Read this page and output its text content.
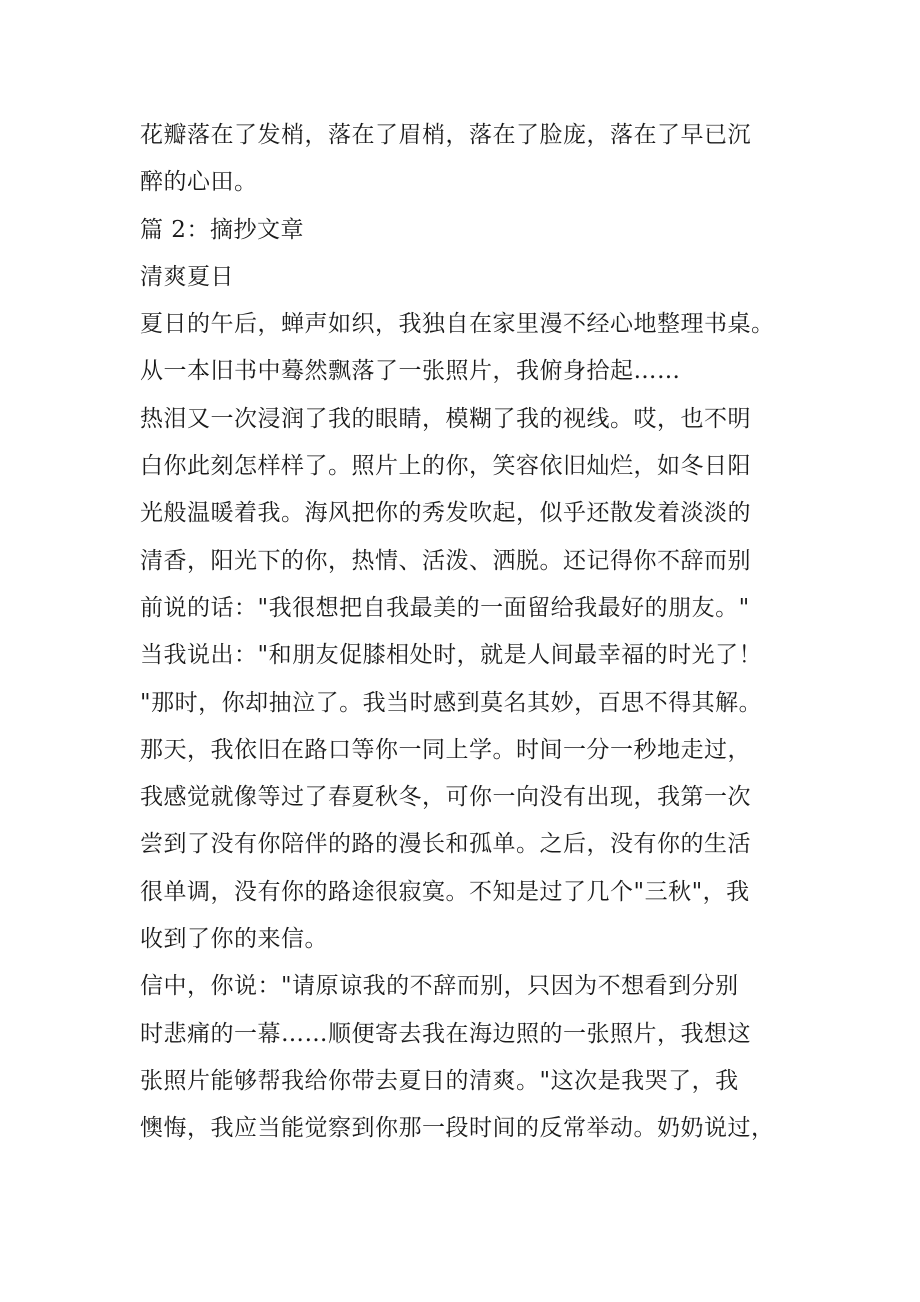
花瓣落在了发梢，落在了眉梢，落在了脸庞，落在了早已沉
醉的心田。
篇 2：摘抄文章
清爽夏日
夏日的午后，蝉声如织，我独自在家里漫不经心地整理书桌。
从一本旧书中蓦然飘落了一张照片，我俯身拾起……
热泪又一次浸润了我的眼睛，模糊了我的视线。哎，也不明
白你此刻怎样样了。照片上的你，笑容依旧灿烂，如冬日阳
光般温暖着我。海风把你的秀发吹起，似乎还散发着淡淡的
清香，阳光下的你，热情、活泼、洒脱。还记得你不辞而别
前说的话："我很想把自我最美的一面留给我最好的朋友。"
当我说出："和朋友促膝相处时，就是人间最幸福的时光了！
"那时，你却抽泣了。我当时感到莫名其妙，百思不得其解。
那天，我依旧在路口等你一同上学。时间一分一秒地走过，
我感觉就像等过了春夏秋冬，可你一向没有出现，我第一次
尝到了没有你陪伴的路的漫长和孤单。之后，没有你的生活
很单调，没有你的路途很寂寞。不知是过了几个"三秋"，我
收到了你的来信。
信中，你说："请原谅我的不辞而别，只因为不想看到分别
时悲痛的一幕……顺便寄去我在海边照的一张照片，我想这
张照片能够帮我给你带去夏日的清爽。"这次是我哭了，我
懊悔，我应当能觉察到你那一段时间的反常举动。奶奶说过，
